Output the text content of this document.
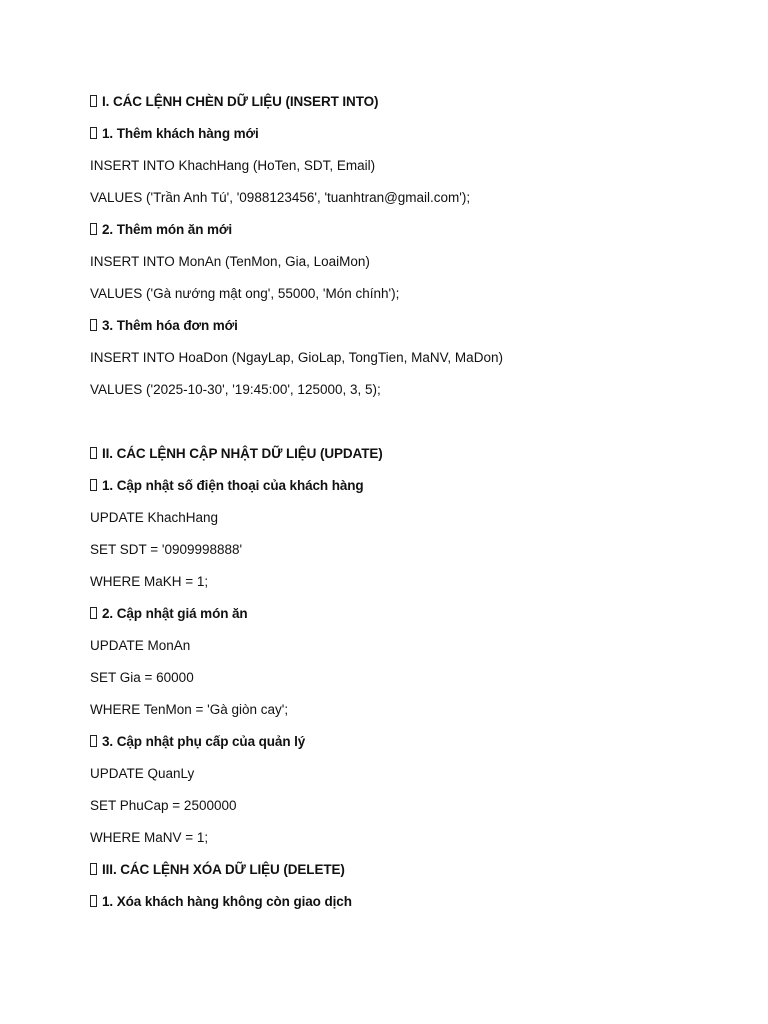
I. CÁC LỆNH CHÈN DỮ LIỆU (INSERT INTO)
1. Thêm khách hàng mới
INSERT INTO KhachHang (HoTen, SDT, Email)
VALUES ('Trần Anh Tú', '0988123456', 'tuanhtran@gmail.com');
2. Thêm món ăn mới
INSERT INTO MonAn (TenMon, Gia, LoaiMon)
VALUES ('Gà nướng mật ong', 55000, 'Món chính');
3. Thêm hóa đơn mới
INSERT INTO HoaDon (NgayLap, GioLap, TongTien, MaNV, MaDon)
VALUES ('2025-10-30', '19:45:00', 125000, 3, 5);
II. CÁC LỆNH CẬP NHẬT DỮ LIỆU (UPDATE)
1. Cập nhật số điện thoại của khách hàng
UPDATE KhachHang
SET SDT = '0909998888'
WHERE MaKH = 1;
2. Cập nhật giá món ăn
UPDATE MonAn
SET Gia = 60000
WHERE TenMon = 'Gà giòn cay';
3. Cập nhật phụ cấp của quản lý
UPDATE QuanLy
SET PhuCap = 2500000
WHERE MaNV = 1;
III. CÁC LỆNH XÓA DỮ LIỆU (DELETE)
1. Xóa khách hàng không còn giao dịch
